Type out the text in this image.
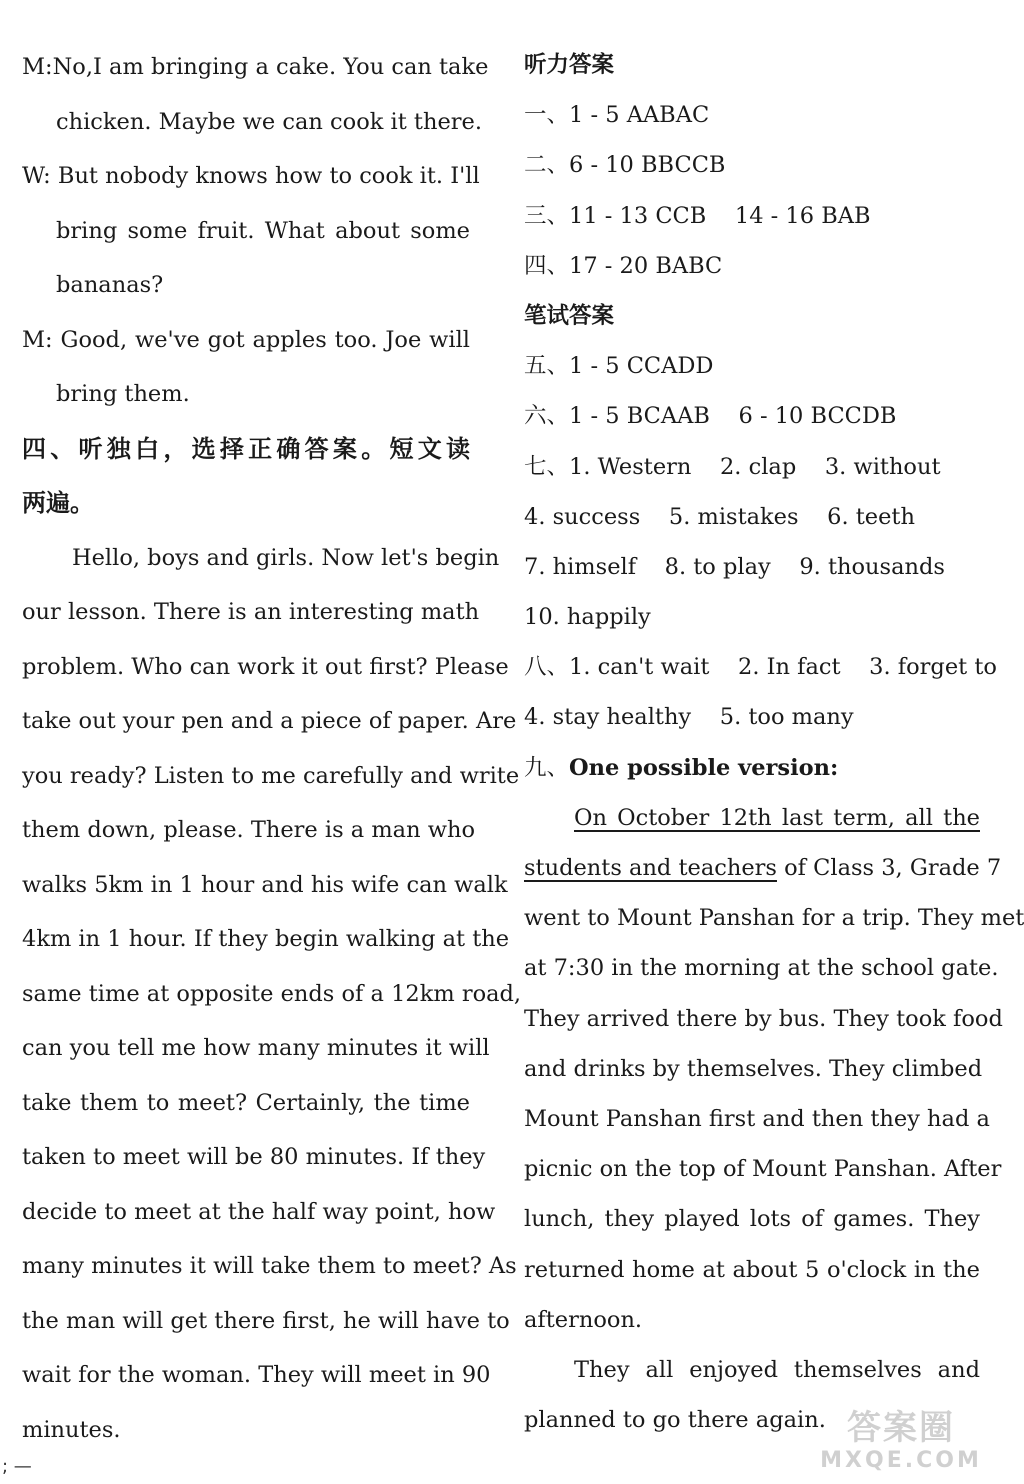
M:No,I am bringing a cake. You can take
chicken. Maybe we can cook it there.
W: But nobody knows how to cook it. I'll
bring some fruit. What about some
bananas?
M: Good, we've got apples too. Joe will
bring them.
四、听独白，选择正确答案。短文读
两遍。
Hello, boys and girls. Now let's begin
our lesson. There is an interesting math
problem. Who can work it out first? Please
take out your pen and a piece of paper. Are
you ready? Listen to me carefully and write
them down, please. There is a man who
walks 5km in 1 hour and his wife can walk
4km in 1 hour. If they begin walking at the
same time at opposite ends of a 12km road,
can you tell me how many minutes it will
take them to meet? Certainly, the time
taken to meet will be 80 minutes. If they
decide to meet at the half way point, how
many minutes it will take them to meet? As
the man will get there first, he will have to
wait for the woman. They will meet in 90
minutes.
听力答案
一、1 - 5 AABAC
二、6 - 10 BBCCB
三、11 - 13 CCB    14 - 16 BAB
四、17 - 20 BABC
笔试答案
五、1 - 5 CCADD
六、1 - 5 BCAAB    6 - 10 BCCDB
七、1. Western    2. clap    3. without
4. success    5. mistakes    6. teeth
7. himself    8. to play    9. thousands
10. happily
八、1. can't wait    2. In fact    3. forget to
4. stay healthy    5. too many
九、One possible version:
On October 12th last term, all the
students and teachers of Class 3, Grade 7
went to Mount Panshan for a trip. They met
at 7:30 in the morning at the school gate.
They arrived there by bus. They took food
and drinks by themselves. They climbed
Mount Panshan first and then they had a
picnic on the top of Mount Panshan. After
lunch, they played lots of games. They
returned home at about 5 o'clock in the
afternoon.
They all enjoyed themselves and
planned to go there again.
; —
答案圈
MXQE.COM
